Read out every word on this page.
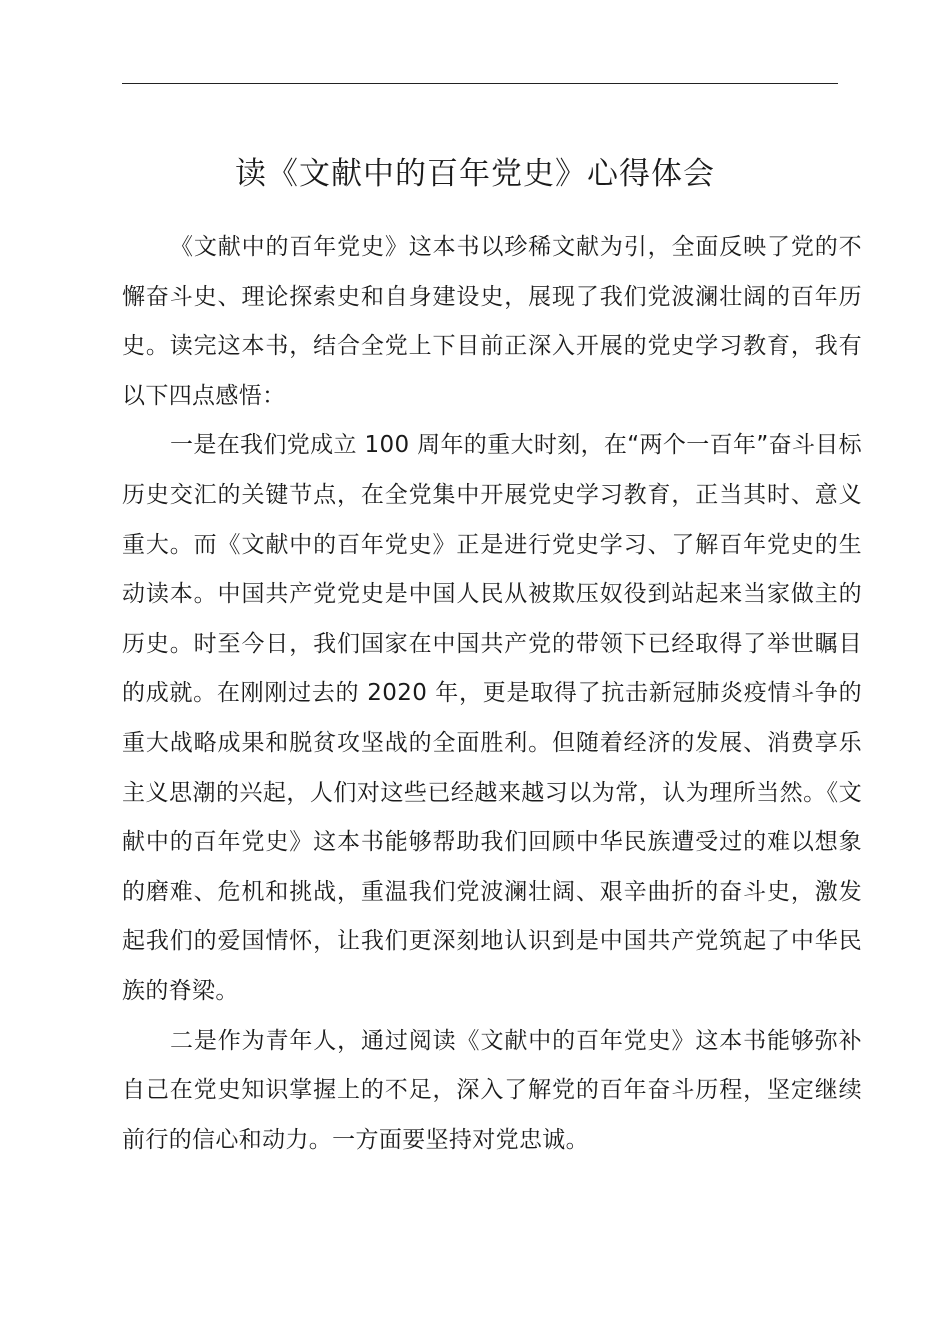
读《文献中的百年党史》心得体会

《文献中的百年党史》这本书以珍稀文献为引，全面反映了党的不懈奋斗史、理论探索史和自身建设史，展现了我们党波澜壮阔的百年历史。读完这本书，结合全党上下目前正深入开展的党史学习教育，我有以下四点感悟：

一是在我们党成立 100 周年的重大时刻，在“两个一百年”奋斗目标历史交汇的关键节点，在全党集中开展党史学习教育，正当其时、意义重大。而《文献中的百年党史》正是进行党史学习、了解百年党史的生动读本。中国共产党党史是中国人民从被欺压奴役到站起来当家做主的历史。时至今日，我们国家在中国共产党的带领下已经取得了举世瞩目的成就。在刚刚过去的 2020 年，更是取得了抗击新冠肺炎疫情斗争的重大战略成果和脱贫攻坚战的全面胜利。但随着经济的发展、消费享乐主义思潮的兴起，人们对这些已经越来越习以为常，认为理所当然。《文献中的百年党史》这本书能够帮助我们回顾中华民族遭受过的难以想象的磨难、危机和挑战，重温我们党波澜壮阔、艰辛曲折的奋斗史，激发起我们的爱国情怀，让我们更深刻地认识到是中国共产党筑起了中华民族的脊梁。

二是作为青年人，通过阅读《文献中的百年党史》这本书能够弥补自己在党史知识掌握上的不足，深入了解党的百年奋斗历程，坚定继续前行的信心和动力。一方面要坚持对党忠诚。
